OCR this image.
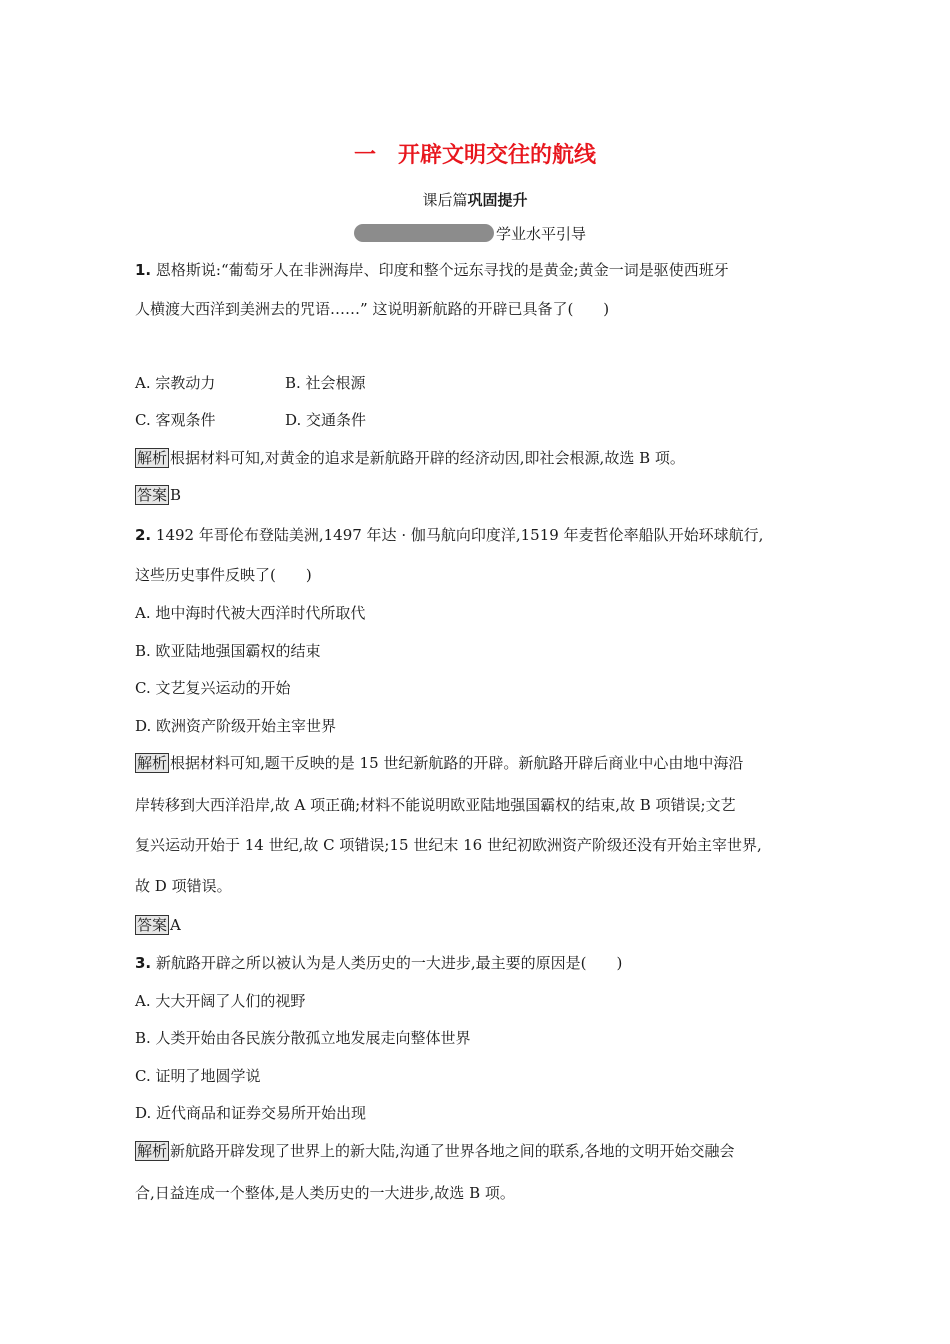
一 开辟文明交往的航线
课后篇巩固提升
学业水平引导
1. 恩格斯说:“葡萄牙人在非洲海岸、印度和整个远东寻找的是黄金;黄金一词是驱使西班牙
人横渡大西洋到美洲去的咒语……” 这说明新航路的开辟已具备了(　　)
A. 宗教动力	B. 社会根源
C. 客观条件	D. 交通条件
解析 根据材料可知,对黄金的追求是新航路开辟的经济动因,即社会根源,故选 B 项。
答案 B
2. 1492 年哥伦布登陆美洲,1497 年达 · 伽马航向印度洋,1519 年麦哲伦率船队开始环球航行,
这些历史事件反映了(　　)
A. 地中海时代被大西洋时代所取代
B. 欧亚陆地强国霸权的结束
C. 文艺复兴运动的开始
D. 欧洲资产阶级开始主宰世界
解析 根据材料可知,题干反映的是 15 世纪新航路的开辟。新航路开辟后商业中心由地中海沿
岸转移到大西洋沿岸,故 A 项正确;材料不能说明欧亚陆地强国霸权的结束,故 B 项错误;文艺
复兴运动开始于 14 世纪,故 C 项错误;15 世纪末 16 世纪初欧洲资产阶级还没有开始主宰世界,
故 D 项错误。
答案 A
3. 新航路开辟之所以被认为是人类历史的一大进步,最主要的原因是(　　)
A. 大大开阔了人们的视野
B. 人类开始由各民族分散孤立地发展走向整体世界
C. 证明了地圆学说
D. 近代商品和证券交易所开始出现
解析 新航路开辟发现了世界上的新大陆,沟通了世界各地之间的联系,各地的文明开始交融会
合,日益连成一个整体,是人类历史的一大进步,故选 B 项。
